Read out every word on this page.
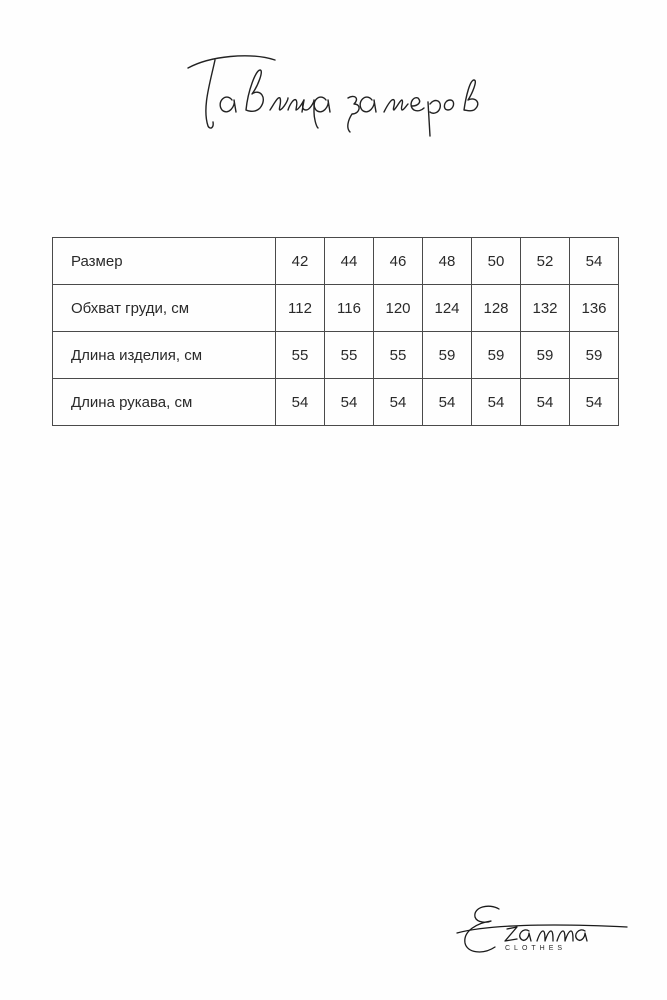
Размер	42	44	46	48	50	52	54
Обхват груди, см	112	116	120	124	128	132	136
Длина изделия, см	55	55	55	59	59	59	59
Длина рукава, см	54	54	54	54	54	54	54
CLOTHES
